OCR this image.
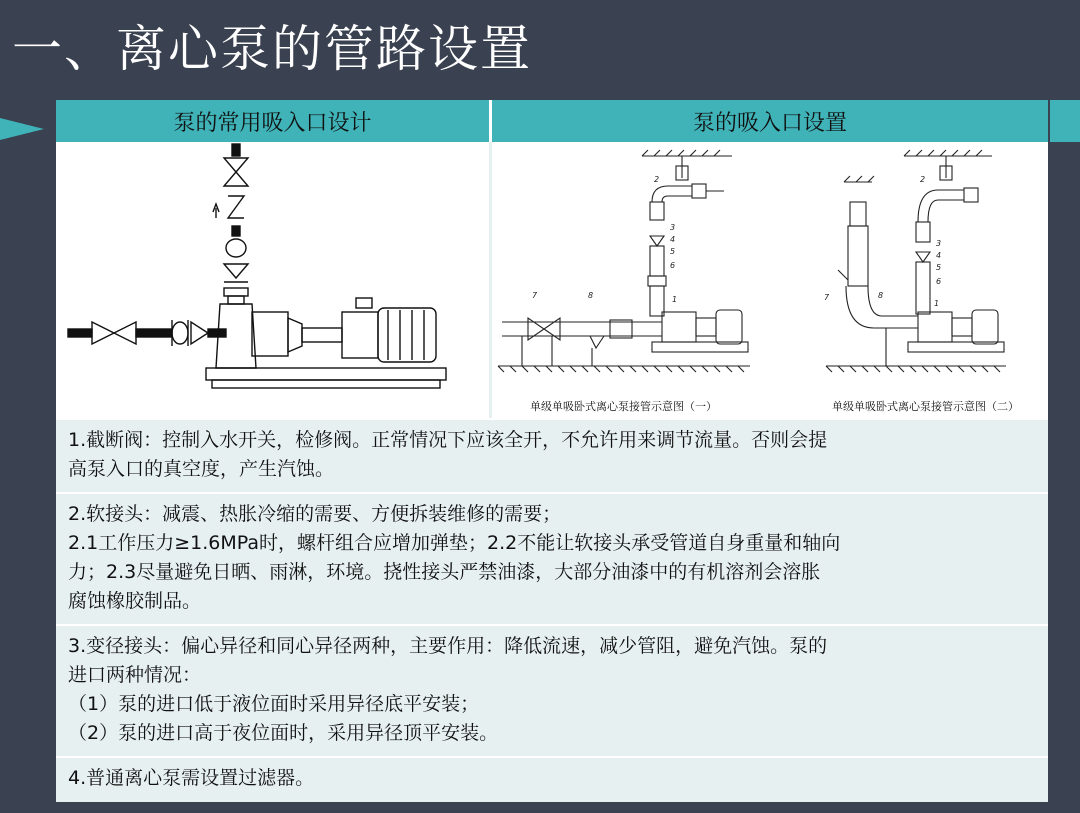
一、离心泵的管路设置
泵的常用吸入口设计	泵的吸入口设置
2
3
4
5
6
1
7	8
2
3
4
5
6
1
7	8
单级单吸卧式离心泵接管示意图（一）	单级单吸卧式离心泵接管示意图（二）
1.截断阀：控制入水开关，检修阀。正常情况下应该全开，不允许用来调节流量。否则会提
高泵入口的真空度，产生汽蚀。
2.软接头：减震、热胀冷缩的需要、方便拆装维修的需要；
2.1工作压力≥1.6MPa时，螺杆组合应增加弹垫；2.2不能让软接头承受管道自身重量和轴向
力；2.3尽量避免日晒、雨淋，环境。挠性接头严禁油漆，大部分油漆中的有机溶剂会溶胀
腐蚀橡胶制品。
3.变径接头：偏心异径和同心异径两种，主要作用：降低流速，减少管阻，避免汽蚀。泵的
进口两种情况：
（1）泵的进口低于液位面时采用异径底平安装；
（2）泵的进口高于夜位面时，采用异径顶平安装。
4.普通离心泵需设置过滤器。
